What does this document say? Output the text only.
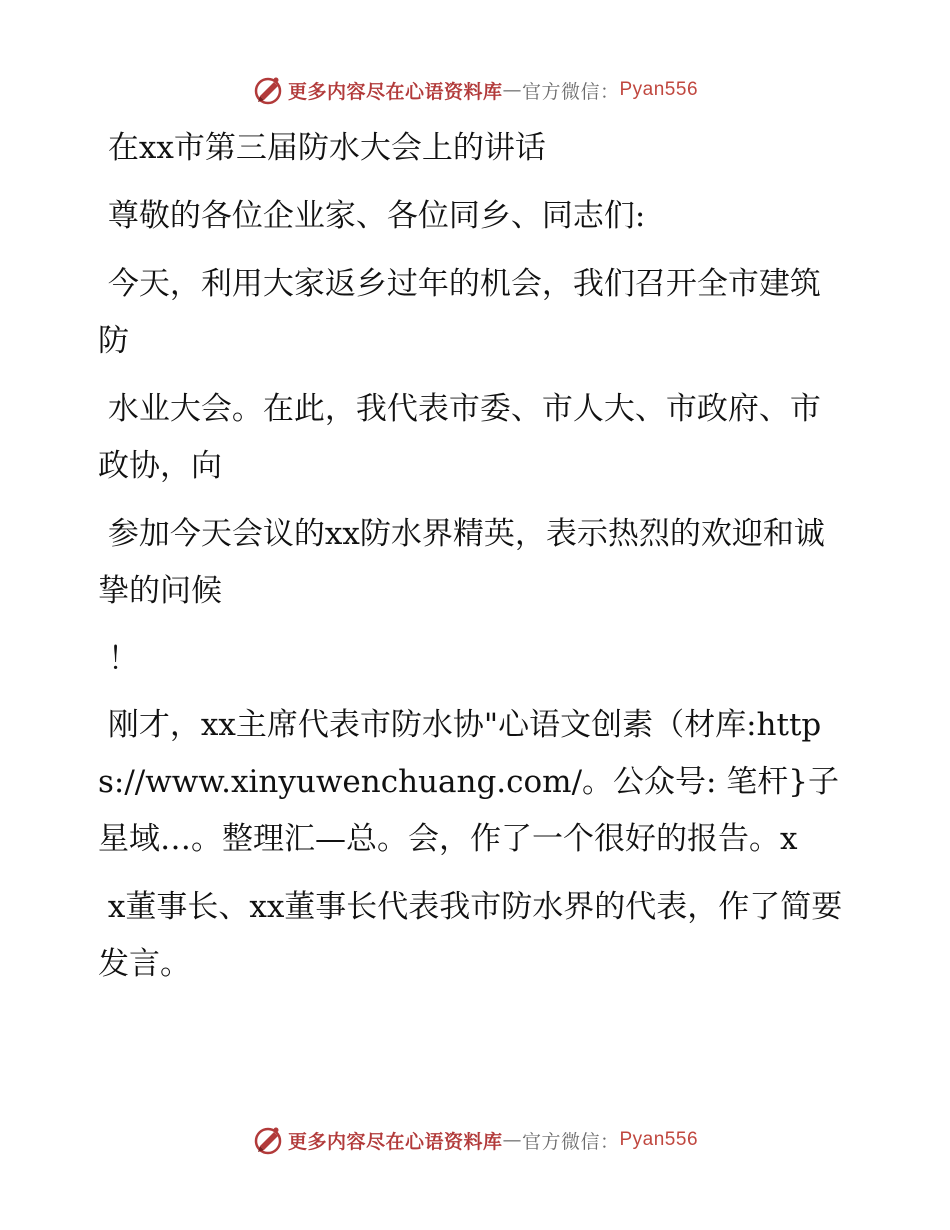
更多内容尽在心语资料库 — 官方微信： Pyan556

在xx市第三届防水大会上的讲话

尊敬的各位企业家、各位同乡、同志们:

今天，利用大家返乡过年的机会，我们召开全市建筑防

水业大会。在此，我代表市委、市人大、市政府、市政协，向

参加今天会议的xx防水界精英，表示热烈的欢迎和诚挚的问候

！

刚才，xx主席代表市防水协"心语文创素（材库:https://www.xinyuwenchuang.com/。公众号: 笔杆}子星域…。整理汇—总。会，作了一个很好的报告。x

x董事长、xx董事长代表我市防水界的代表，作了简要发言。

更多内容尽在心语资料库 — 官方微信： Pyan556
